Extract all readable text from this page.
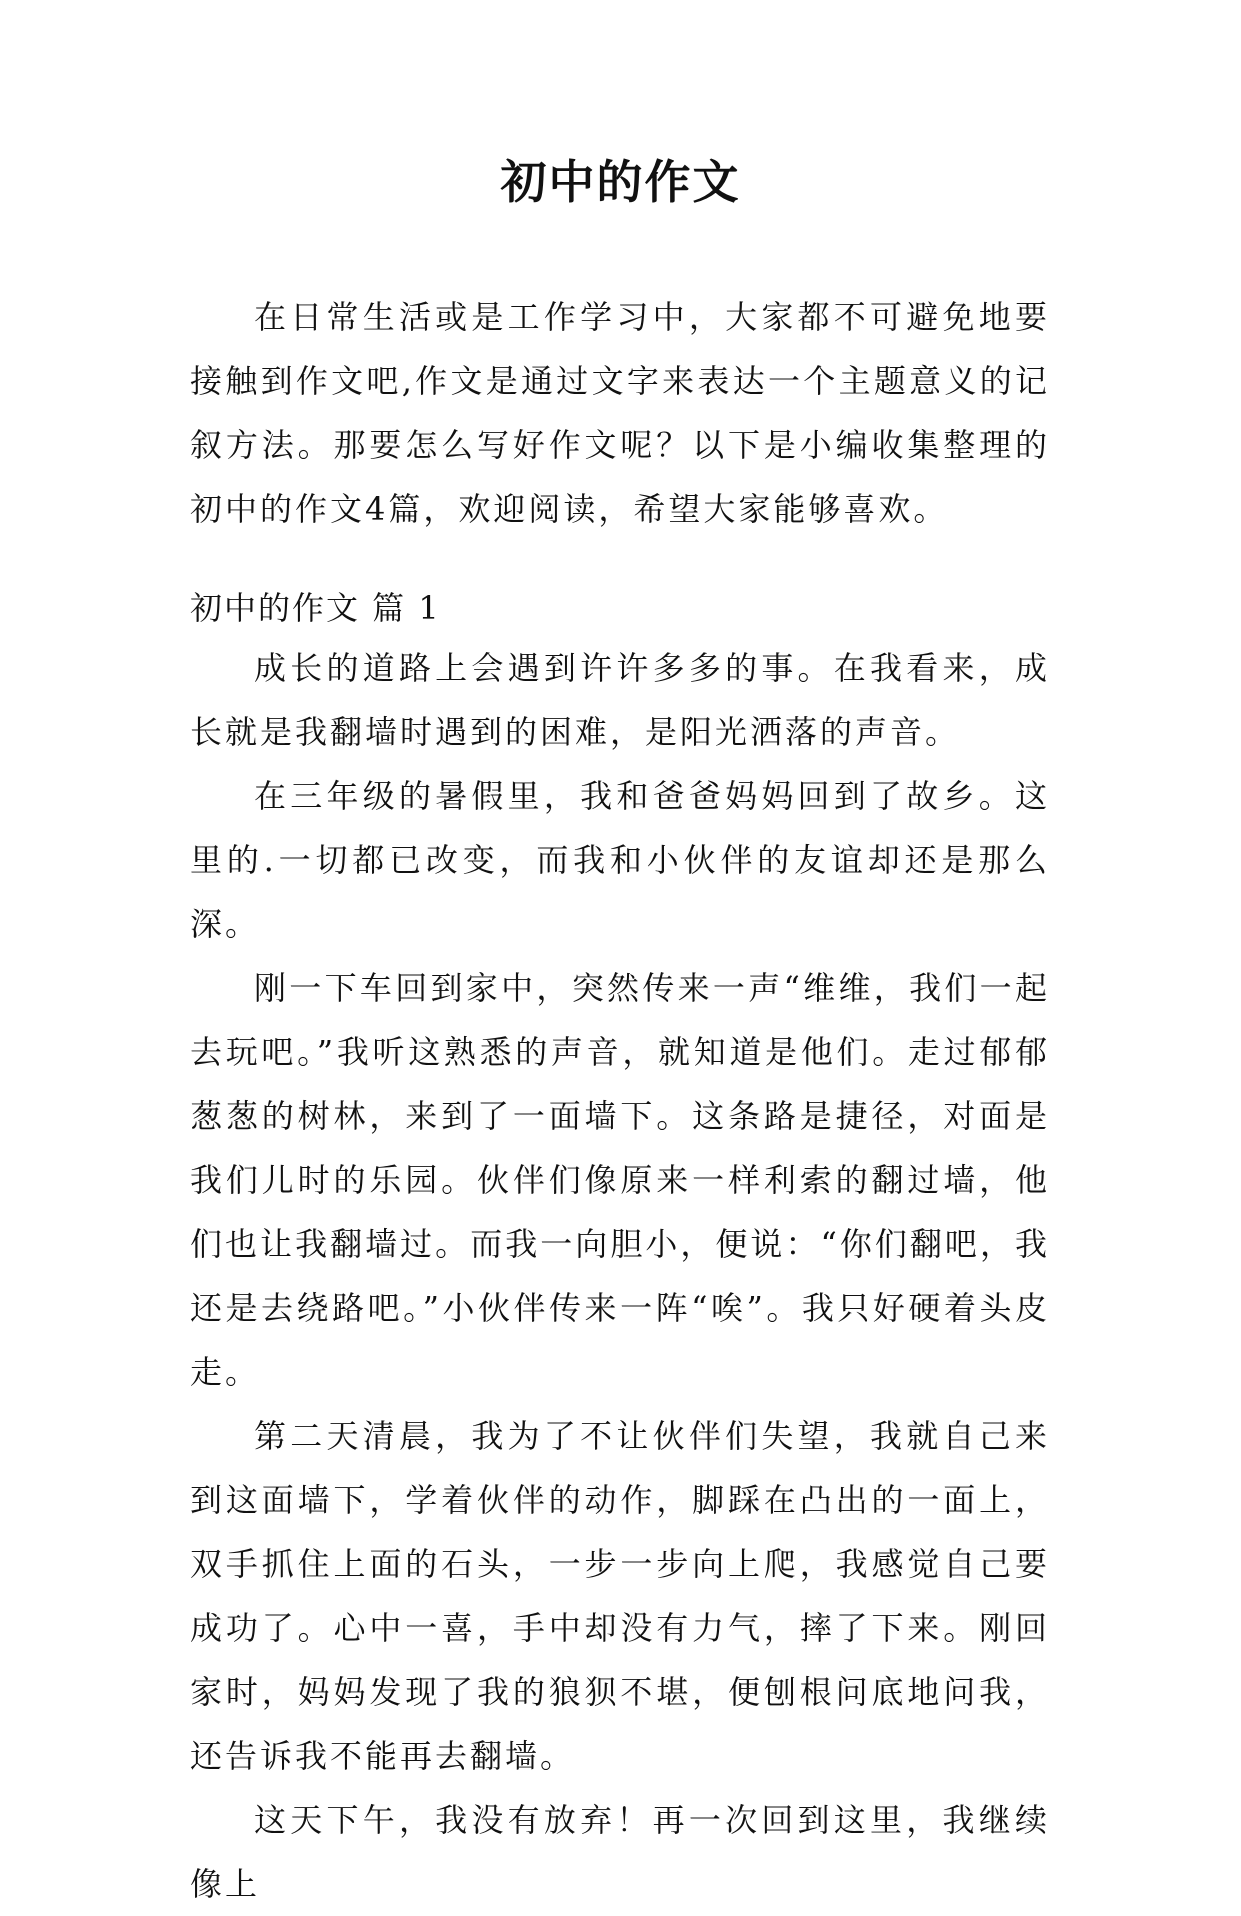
初中的作文

在日常生活或是工作学习中，大家都不可避免地要接触到作文吧,作文是通过文字来表达一个主题意义的记叙方法。那要怎么写好作文呢？以下是小编收集整理的初中的作文4篇，欢迎阅读，希望大家能够喜欢。

初中的作文 篇 1

成长的道路上会遇到许许多多的事。在我看来，成长就是我翻墙时遇到的困难，是阳光洒落的声音。

在三年级的暑假里，我和爸爸妈妈回到了故乡。这里的.一切都已改变，而我和小伙伴的友谊却还是那么深。

刚一下车回到家中，突然传来一声“维维，我们一起去玩吧。”我听这熟悉的声音，就知道是他们。走过郁郁葱葱的树林，来到了一面墙下。这条路是捷径，对面是我们儿时的乐园。伙伴们像原来一样利索的翻过墙，他们也让我翻墙过。而我一向胆小，便说：“你们翻吧，我还是去绕路吧。”小伙伴传来一阵“唉”。我只好硬着头皮走。

第二天清晨，我为了不让伙伴们失望，我就自己来到这面墙下，学着伙伴的动作，脚踩在凸出的一面上，双手抓住上面的石头，一步一步向上爬，我感觉自己要成功了。心中一喜，手中却没有力气，摔了下来。刚回家时，妈妈发现了我的狼狈不堪，便刨根问底地问我，还告诉我不能再去翻墙。

这天下午，我没有放弃！再一次回到这里，我继续像上
